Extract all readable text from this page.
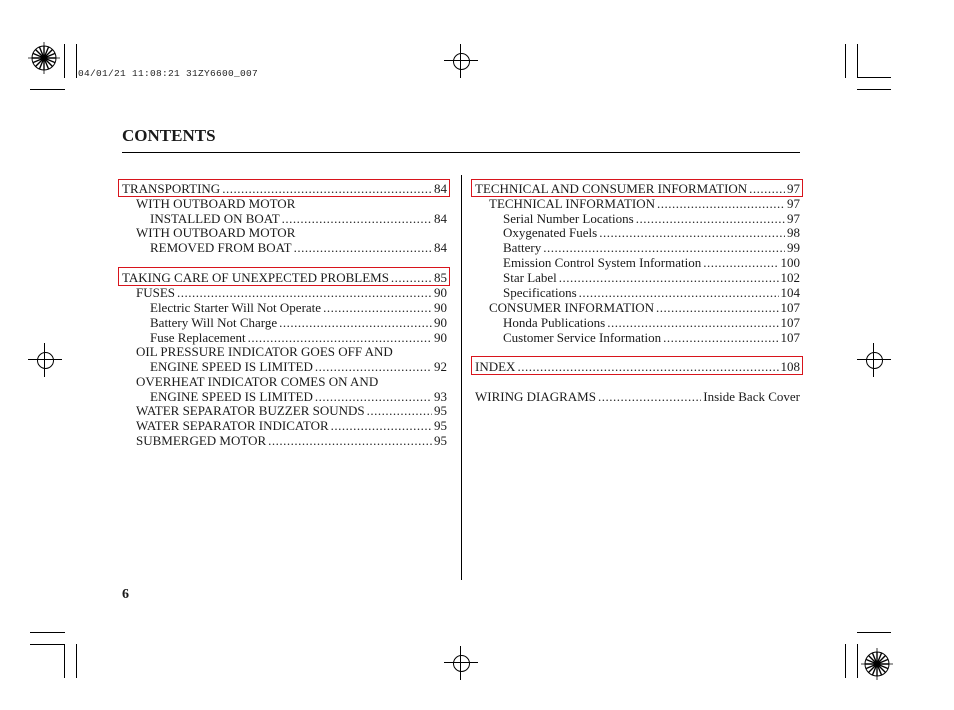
04/01/21 11:08:21 31ZY6600_007
CONTENTS
TRANSPORTING .....	84
WITH OUTBOARD MOTOR
INSTALLED ON BOAT .....	84
WITH OUTBOARD MOTOR
REMOVED FROM BOAT .....	84
TAKING CARE OF UNEXPECTED PROBLEMS .....	85
FUSES .....	90
Electric Starter Will Not Operate .....	90
Battery Will Not Charge .....	90
Fuse Replacement .....	90
OIL PRESSURE INDICATOR GOES OFF AND
ENGINE SPEED IS LIMITED .....	92
OVERHEAT INDICATOR COMES ON AND
ENGINE SPEED IS LIMITED .....	93
WATER SEPARATOR BUZZER SOUNDS .....	95
WATER SEPARATOR INDICATOR .....	95
SUBMERGED MOTOR .....	95
TECHNICAL AND CONSUMER INFORMATION .....	97
TECHNICAL INFORMATION .....	97
Serial Number Locations .....	97
Oxygenated Fuels .....	98
Battery .....	99
Emission Control System Information .....	100
Star Label .....	102
Specifications .....	104
CONSUMER INFORMATION .....	107
Honda Publications .....	107
Customer Service Information .....	107
INDEX .....	108
WIRING DIAGRAMS .....	Inside Back Cover
6
